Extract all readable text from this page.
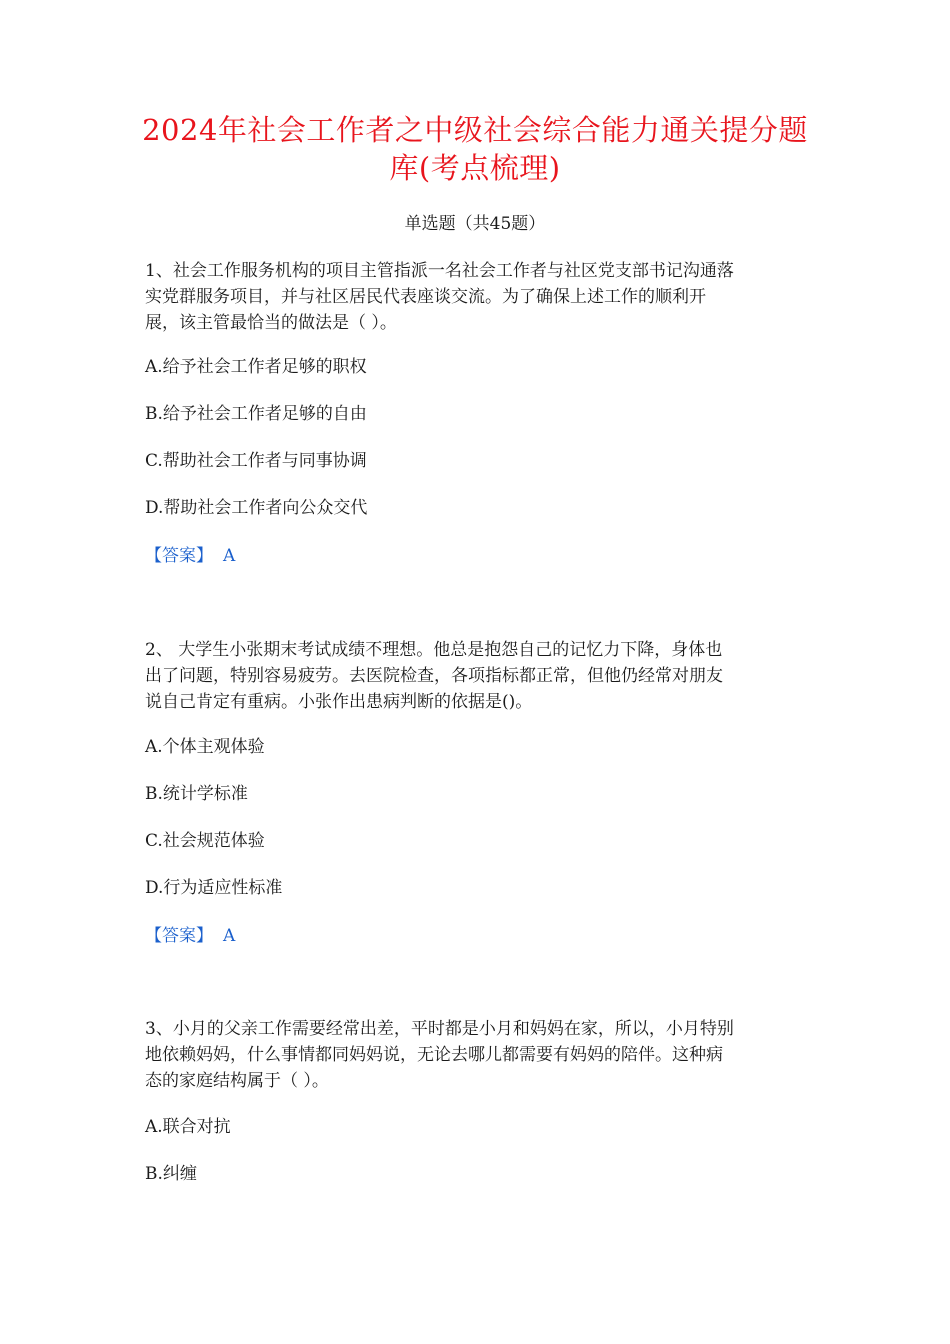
2024年社会工作者之中级社会综合能力通关提分题
库(考点梳理)
单选题（共45题）
1、社会工作服务机构的项目主管指派一名社会工作者与社区党支部书记沟通落
实党群服务项目，并与社区居民代表座谈交流。为了确保上述工作的顺利开
展，该主管最恰当的做法是（ ）。
A.给予社会工作者足够的职权
B.给予社会工作者足够的自由
C.帮助社会工作者与同事协调
D.帮助社会工作者向公众交代
【答案】 A
2、 大学生小张期末考试成绩不理想。他总是抱怨自己的记忆力下降，身体也
出了问题，特别容易疲劳。去医院检查，各项指标都正常，但他仍经常对朋友
说自己肯定有重病。小张作出患病判断的依据是()。
A.个体主观体验
B.统计学标准
C.社会规范体验
D.行为适应性标准
【答案】 A
3、小月的父亲工作需要经常出差，平时都是小月和妈妈在家，所以，小月特别
地依赖妈妈，什么事情都同妈妈说，无论去哪儿都需要有妈妈的陪伴。这种病
态的家庭结构属于（ ）。
A.联合对抗
B.纠缠
